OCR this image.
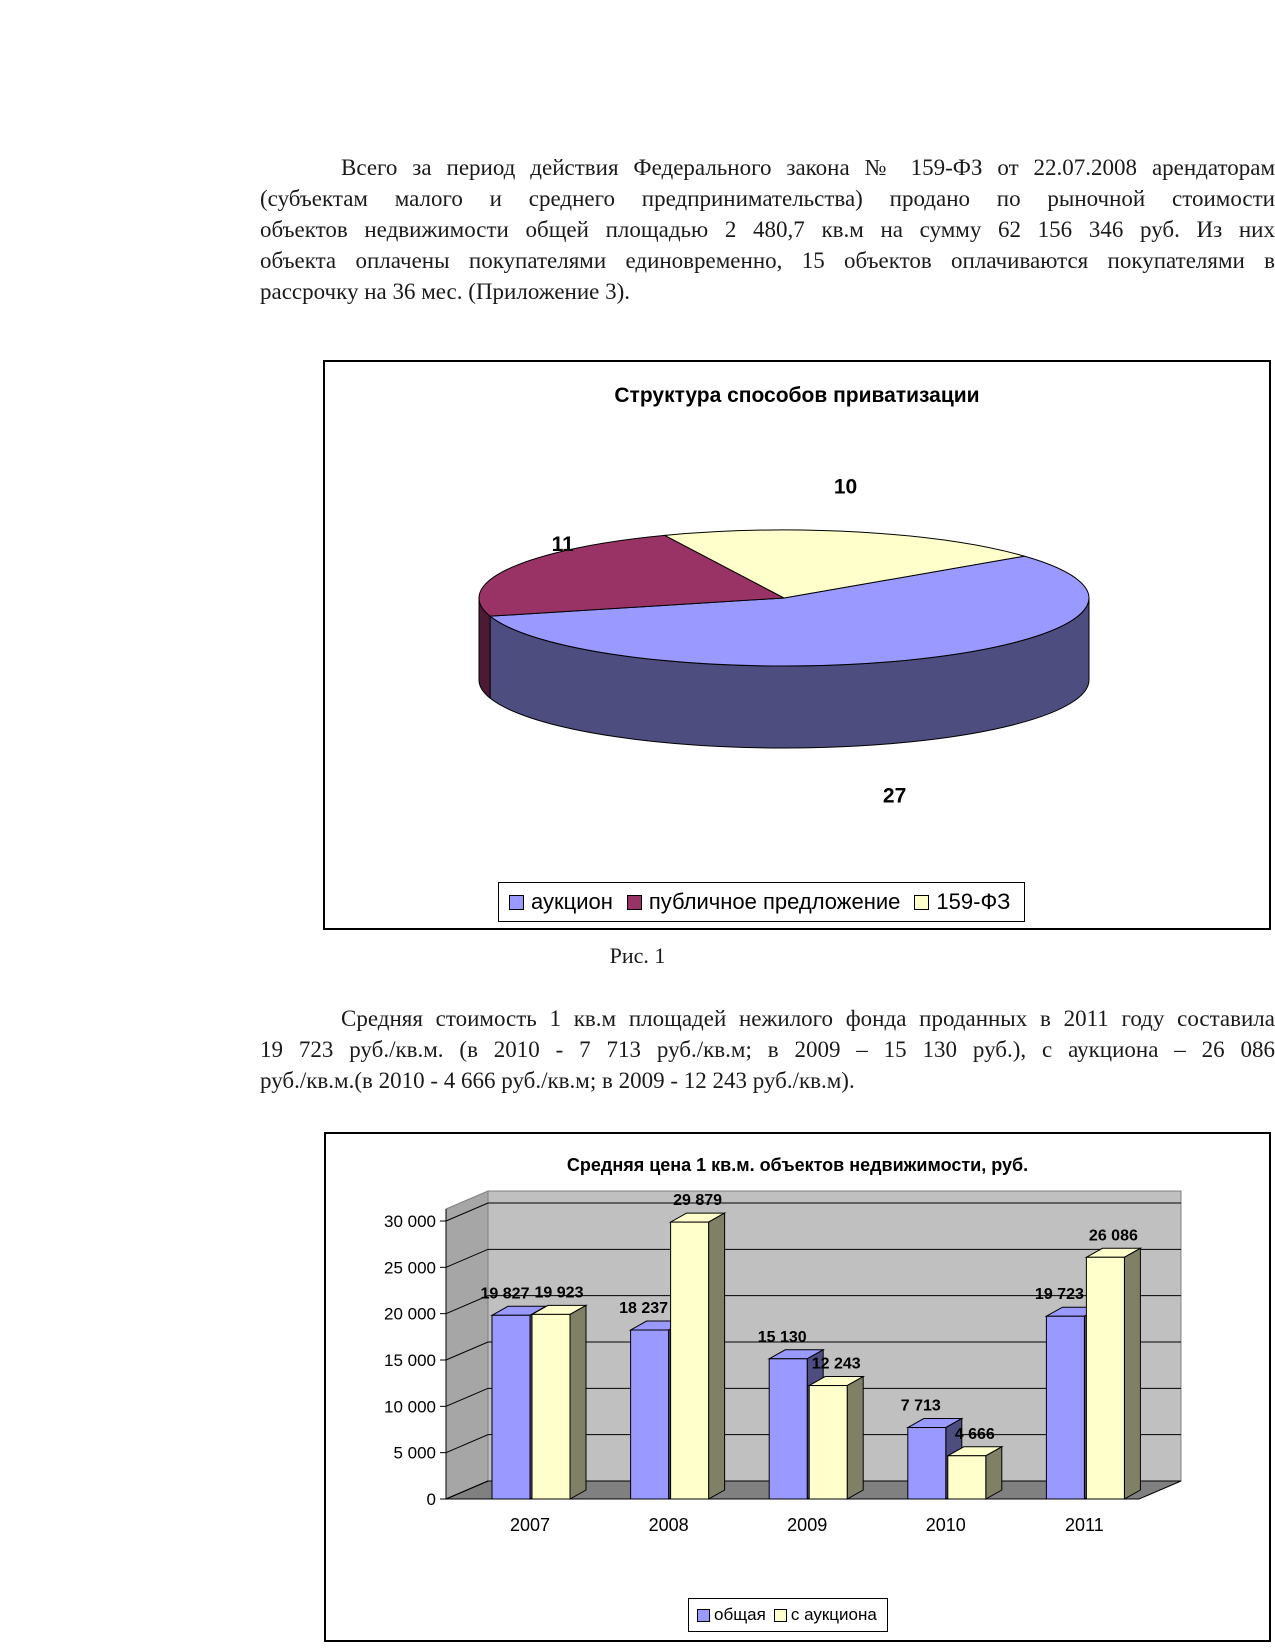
Всего за период действия Федерального закона № 159-ФЗ от 22.07.2008 арендаторам
(субъектам малого и среднего предпринимательства) продано по рыночной стоимости
объектов недвижимости общей площадью 2 480,7 кв.м на сумму 62 156 346 руб. Из них
объекта оплачены покупателями единовременно, 15 объектов оплачиваются покупателями в
рассрочку на 36 мес. (Приложение 3).
Структура способов приватизации
27
11
10
аукцион публичное предложение 159-ФЗ
Рис. 1
Средняя стоимость 1 кв.м площадей нежилого фонда проданных в 2011 году составила
19 723 руб./кв.м. (в 2010 - 7 713 руб./кв.м; в 2009 – 15 130 руб.), с аукциона – 26 086
руб./кв.м.(в 2010 - 4 666 руб./кв.м; в 2009 - 12 243 руб./кв.м).
Средняя цена 1 кв.м. объектов недвижимости, руб.
0
5 000
10 000
15 000
20 000
25 000
30 000
19 827 19 923
2007
18 237
29 879
2008
15 130
12 243
2009
7 713
4 666
2010
19 723
26 086
2011
общая с аукциона
